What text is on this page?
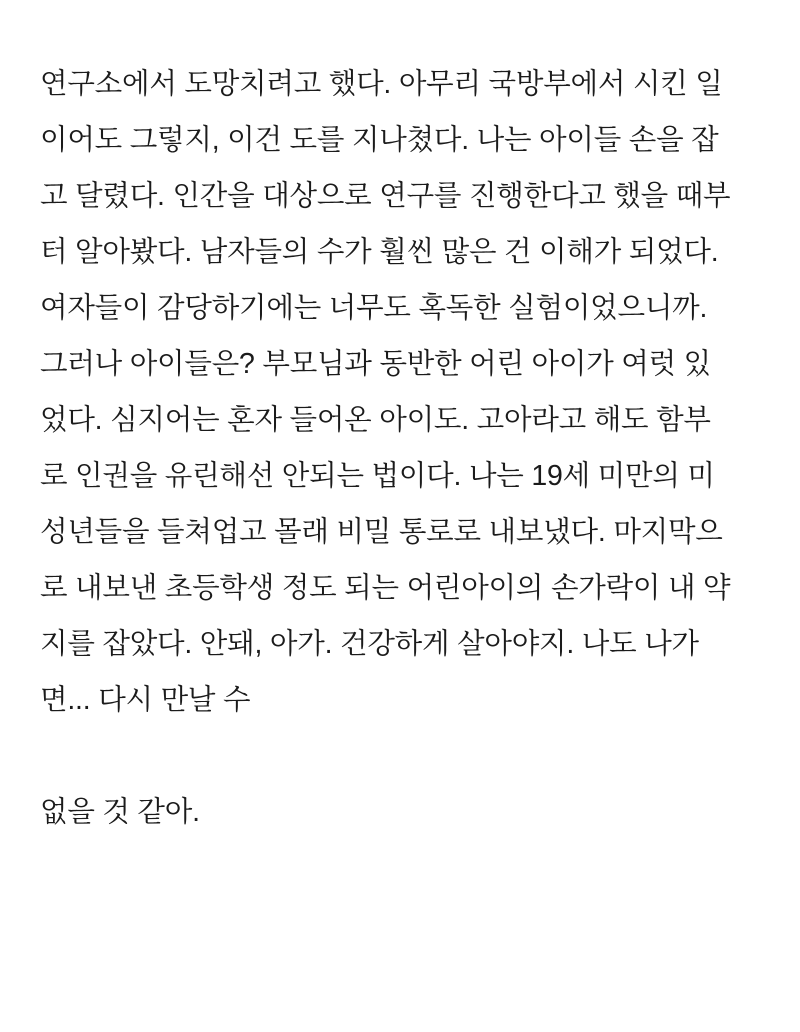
연구소에서 도망치려고 했다. 아무리 국방부에서 시킨 일이어도 그렇지, 이건 도를 지나쳤다. 나는 아이들 손을 잡고 달렸다. 인간을 대상으로 연구를 진행한다고 했을 때부터 알아봤다. 남자들의 수가 훨씬 많은 건 이해가 되었다. 여자들이 감당하기에는 너무도 혹독한 실험이었으니까. 그러나 아이들은? 부모님과 동반한 어린 아이가 여럿 있었다. 심지어는 혼자 들어온 아이도. 고아라고 해도 함부로 인권을 유린해선 안되는 법이다. 나는 19세 미만의 미성년들을 들쳐업고 몰래 비밀 통로로 내보냈다. 마지막으로 내보낸 초등학생 정도 되는 어린아이의 손가락이 내 약지를 잡았다. 안돼, 아가. 건강하게 살아야지. 나도 나가면... 다시 만날 수
없을 것 같아.
